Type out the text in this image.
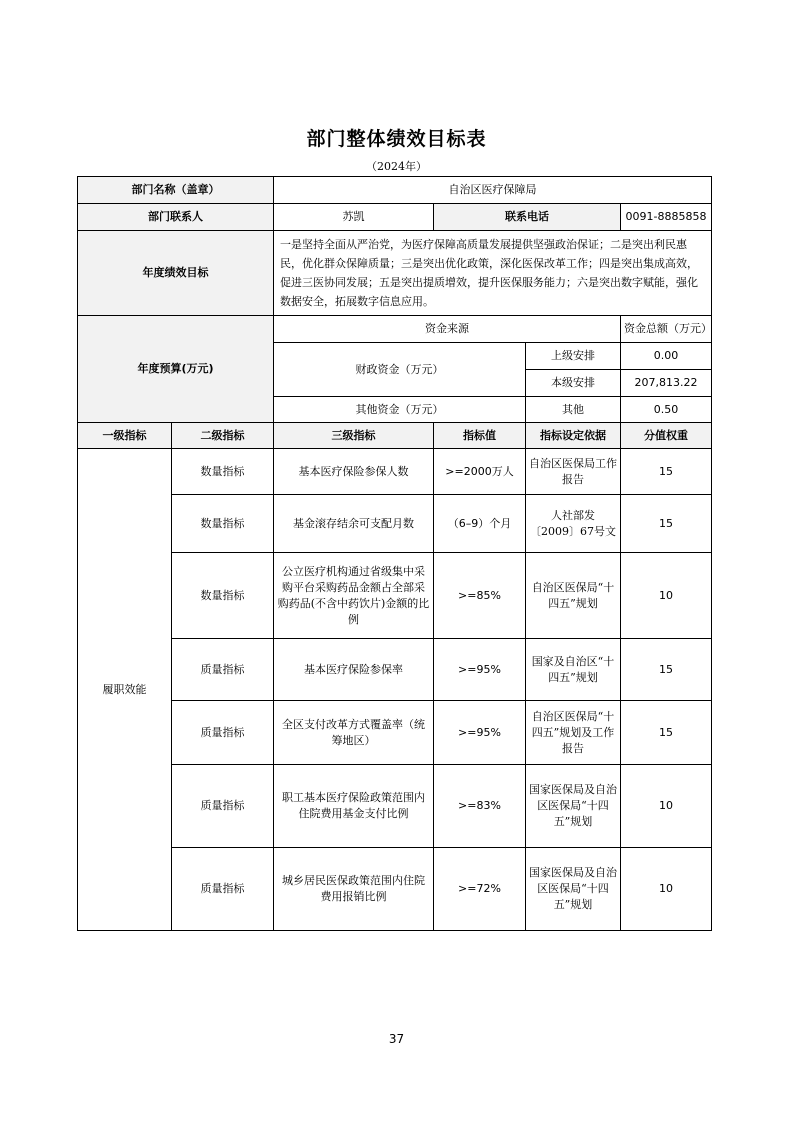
部门整体绩效目标表
（2024年）
部门名称（盖章）		自治区医疗保障局			
部门联系人		苏凯	联系电话		0091-8885858
年度绩效目标		一是坚持全面从严治党，为医疗保障高质量发展提供坚强政治保证；二是突出利民惠民，优化群众保障质量；三是突出优化政策，深化医保改革工作；四是突出集成高效，促进三医协同发展；五是突出提质增效，提升医保服务能力；六是突出数字赋能，强化数据安全，拓展数字信息应用。			
年度预算(万元)		资金来源			资金总额（万元）
		财政资金（万元）		上级安排	0.00
				本级安排	207,813.22
		其他资金（万元）		其他	0.50

一级指标	二级指标	三级指标	指标值	指标设定依据	分值权重
履职效能	数量指标	基本医疗保险参保人数	>=2000万人	自治区医保局工作报告	15
	数量指标	基金滚存结余可支配月数	（6–9）个月	人社部发〔2009〕67号文	15
	数量指标	公立医疗机构通过省级集中采购平台采购药品金额占全部采购药品(不含中药饮片)金额的比例	>=85%	自治区医保局“十四五”规划	10
	质量指标	基本医疗保险参保率	>=95%	国家及自治区“十四五”规划	15
	质量指标	全区支付改革方式覆盖率（统筹地区）	>=95%	自治区医保局“十四五”规划及工作报告	15
	质量指标	职工基本医疗保险政策范围内住院费用基金支付比例	>=83%	国家医保局及自治区医保局“十四五”规划	10
	质量指标	城乡居民医保政策范围内住院费用报销比例	>=72%	国家医保局及自治区医保局“十四五”规划	10
37
